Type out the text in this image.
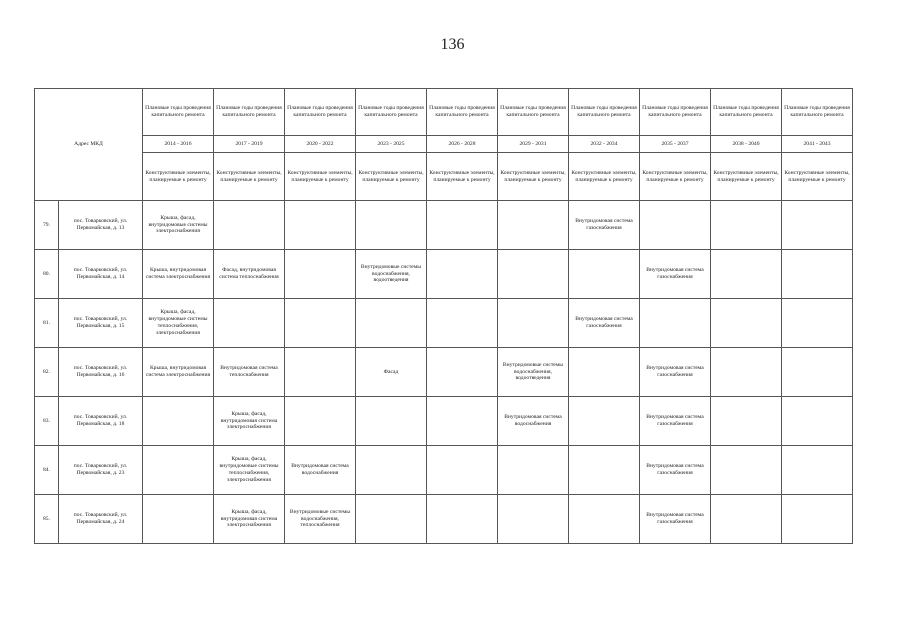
136
Адрес МКД		Плановые годы проведения капитального ремонта	Плановые годы проведения капитального ремонта	Плановые годы проведения капитального ремонта	Плановые годы проведения капитального ремонта	Плановые годы проведения капитального ремонта	Плановые годы проведения капитального ремонта	Плановые годы проведения капитального ремонта	Плановые годы проведения капитального ремонта	Плановые годы проведения капитального ремонта	Плановые годы проведения капитального ремонта
		2014 - 2016	2017 - 2019	2020 - 2022	2023 - 2025	2026 - 2028	2029 - 2031	2032 - 2034	2035 - 2037	2038 - 2040	2041 - 2043
		Конструктивные элементы, планируемые к ремонту	Конструктивные элементы, планируемые к ремонту	Конструктивные элементы, планируемые к ремонту	Конструктивные элементы, планируемые к ремонту	Конструктивные элементы, планируемые к ремонту	Конструктивные элементы, планируемые к ремонту	Конструктивные элементы, планируемые к ремонту	Конструктивные элементы, планируемые к ремонту	Конструктивные элементы, планируемые к ремонту	Конструктивные элементы, планируемые к ремонту
79.	пос. Товарковский, ул. Первомайская, д. 13	Крыша, фасад, внутридомовые системы электроснабжения						Внутридомовая система газоснабжения			
80.	пос. Товарковский, ул. Первомайская, д. 14	Крыша, внутридомовая система электроснабжения	Фасад, внутридомовая система теплоснабжения		Внутридомовые системы водоснабжения, водоотведения				Внутридомовая система газоснабжения		
81.	пос. Товарковский, ул. Первомайская, д. 15	Крыша, фасад, внутридомовые системы теплоснабжения, электроснабжения						Внутридомовая система газоснабжения			
82.	пос. Товарковский, ул. Первомайская, д. 16	Крыша, внутридомовая система электроснабжения	Внутридомовая система теплоснабжения		Фасад		Внутридомовые системы водоснабжения, водоотведения		Внутридомовая система газоснабжения		
83.	пос. Товарковский, ул. Первомайская, д. 18		Крыша, фасад, внутридомовая система электроснабжения				Внутридомовая система водоснабжения		Внутридомовая система газоснабжения		
84.	пос. Товарковский, ул. Первомайская, д. 23		Крыша, фасад, внутридомовые системы теплоснабжения, электроснабжения	Внутридомовая система водоснабжения					Внутридомовая система газоснабжения		
85.	пос. Товарковский, ул. Первомайская, д. 24		Крыша, фасад, внутридомовая система электроснабжения	Внутридомовые системы водоснабжения, теплоснабжения					Внутридомовая система газоснабжения		
